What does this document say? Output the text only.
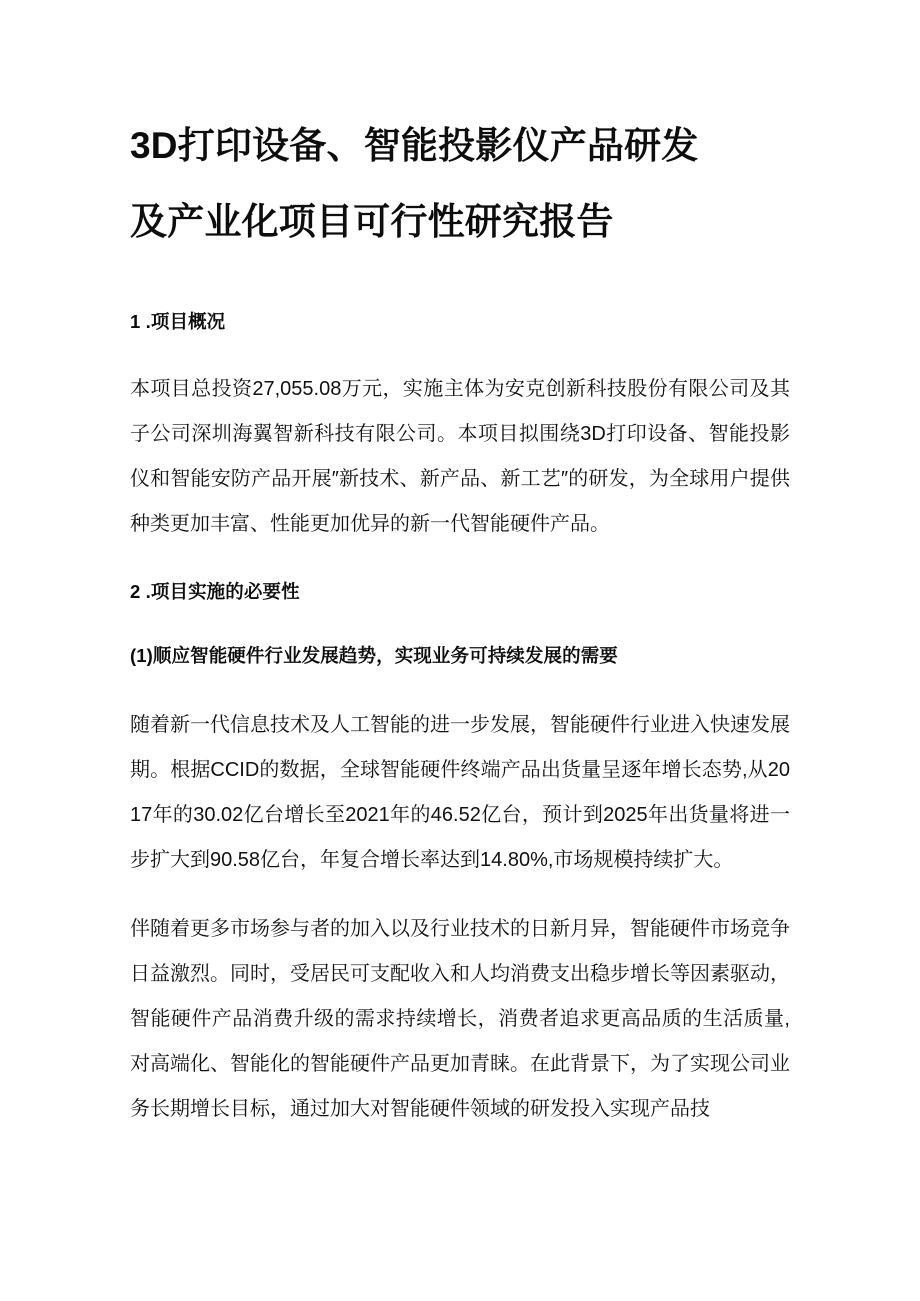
3D打印设备、智能投影仪产品研发
及产业化项目可行性研究报告
1 .项目概况

本项目总投资27,055.08万元，实施主体为安克创新科技股份有限公司及其子公司深圳海翼智新科技有限公司。本项目拟围绕3D打印设备、智能投影仪和智能安防产品开展″新技术、新产品、新工艺″的研发，为全球用户提供种类更加丰富、性能更加优异的新一代智能硬件产品。

2 .项目实施的必要性
(1)顺应智能硬件行业发展趋势，实现业务可持续发展的需要

随着新一代信息技术及人工智能的进一步发展，智能硬件行业进入快速发展期。根据CCID的数据，全球智能硬件终端产品出货量呈逐年增长态势,从2017年的30.02亿台增长至2021年的46.52亿台，预计到2025年出货量将进一步扩大到90.58亿台，年复合增长率达到14.80%,市场规模持续扩大。

伴随着更多市场参与者的加入以及行业技术的日新月异，智能硬件市场竞争日益激烈。同时，受居民可支配收入和人均消费支出稳步增长等因素驱动，智能硬件产品消费升级的需求持续增长，消费者追求更高品质的生活质量,对高端化、智能化的智能硬件产品更加青睐。在此背景下，为了实现公司业务长期增长目标，通过加大对智能硬件领域的研发投入实现产品技
